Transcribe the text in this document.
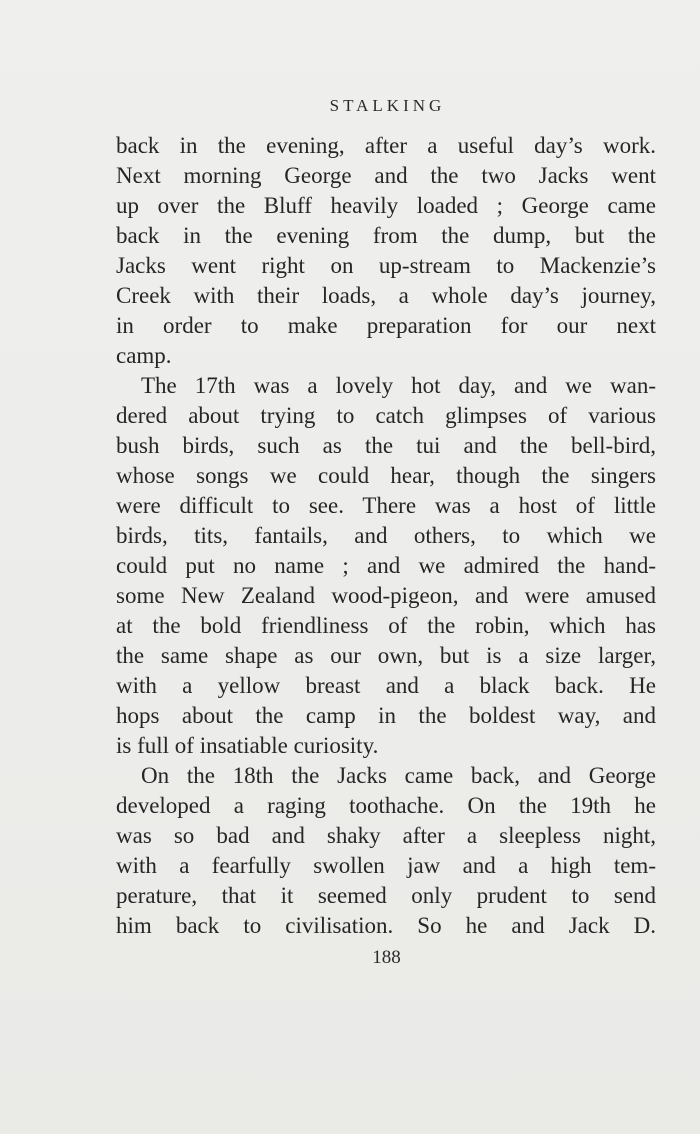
STALKING
back in the evening, after a useful day’s work.
Next morning George and the two Jacks went
up over the Bluff heavily loaded ; George came
back in the evening from the dump, but the
Jacks went right on up-stream to Mackenzie’s
Creek with their loads, a whole day’s journey,
in order to make preparation for our next
camp.
The 17th was a lovely hot day, and we wan-
dered about trying to catch glimpses of various
bush birds, such as the tui and the bell-bird,
whose songs we could hear, though the singers
were difficult to see. There was a host of little
birds, tits, fantails, and others, to which we
could put no name ; and we admired the hand-
some New Zealand wood-pigeon, and were amused
at the bold friendliness of the robin, which has
the same shape as our own, but is a size larger,
with a yellow breast and a black back. He
hops about the camp in the boldest way, and
is full of insatiable curiosity.
On the 18th the Jacks came back, and George
developed a raging toothache. On the 19th he
was so bad and shaky after a sleepless night,
with a fearfully swollen jaw and a high tem-
perature, that it seemed only prudent to send
him back to civilisation. So he and Jack D.
188
